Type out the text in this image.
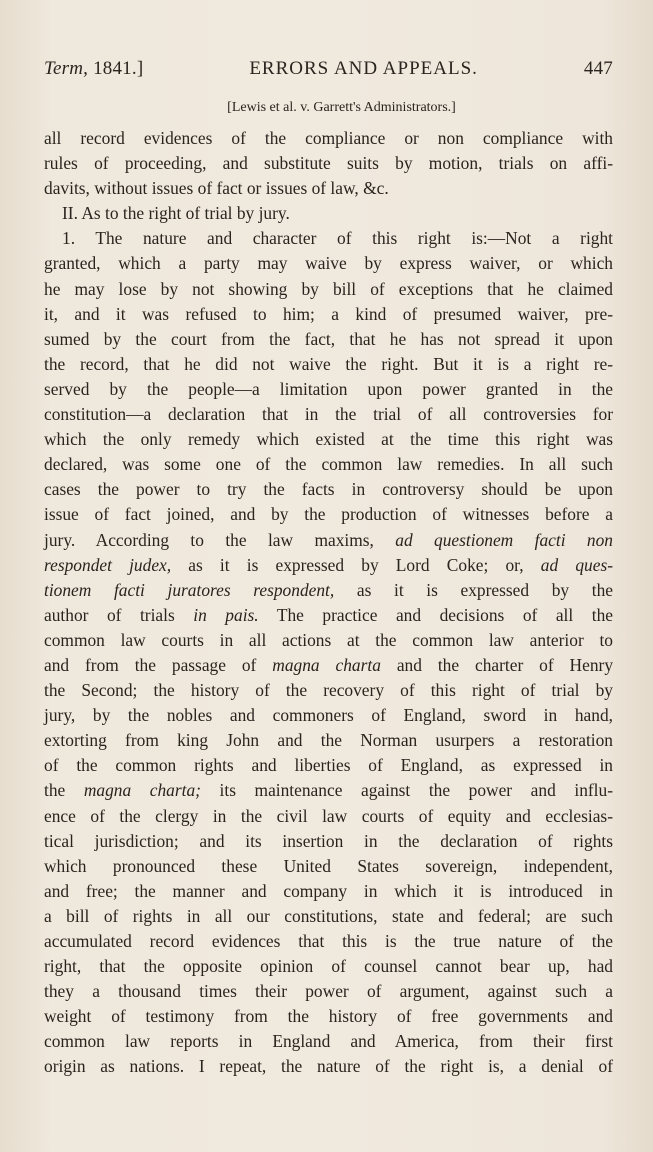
Term, 1841.]	ERRORS AND APPEALS.	447
[Lewis et al. v. Garrett's Administrators.]
all record evidences of the compliance or non compliance with
rules of proceeding, and substitute suits by motion, trials on affi-
davits, without issues of fact or issues of law, &c.
II. As to the right of trial by jury.
1. The nature and character of this right is:—Not a right
granted, which a party may waive by express waiver, or which
he may lose by not showing by bill of exceptions that he claimed
it, and it was refused to him; a kind of presumed waiver, pre-
sumed by the court from the fact, that he has not spread it upon
the record, that he did not waive the right. But it is a right re-
served by the people—a limitation upon power granted in the
constitution—a declaration that in the trial of all controversies for
which the only remedy which existed at the time this right was
declared, was some one of the common law remedies. In all such
cases the power to try the facts in controversy should be upon
issue of fact joined, and by the production of witnesses before a
jury. According to the law maxims, ad questionem facti non
respondet judex, as it is expressed by Lord Coke; or, ad ques-
tionem facti juratores respondent, as it is expressed by the
author of trials in pais. The practice and decisions of all the
common law courts in all actions at the common law anterior to
and from the passage of magna charta and the charter of Henry
the Second; the history of the recovery of this right of trial by
jury, by the nobles and commoners of England, sword in hand,
extorting from king John and the Norman usurpers a restoration
of the common rights and liberties of England, as expressed in
the magna charta; its maintenance against the power and influ-
ence of the clergy in the civil law courts of equity and ecclesias-
tical jurisdiction; and its insertion in the declaration of rights
which pronounced these United States sovereign, independent,
and free; the manner and company in which it is introduced in
a bill of rights in all our constitutions, state and federal; are such
accumulated record evidences that this is the true nature of the
right, that the opposite opinion of counsel cannot bear up, had
they a thousand times their power of argument, against such a
weight of testimony from the history of free governments and
common law reports in England and America, from their first
origin as nations. I repeat, the nature of the right is, a denial of
